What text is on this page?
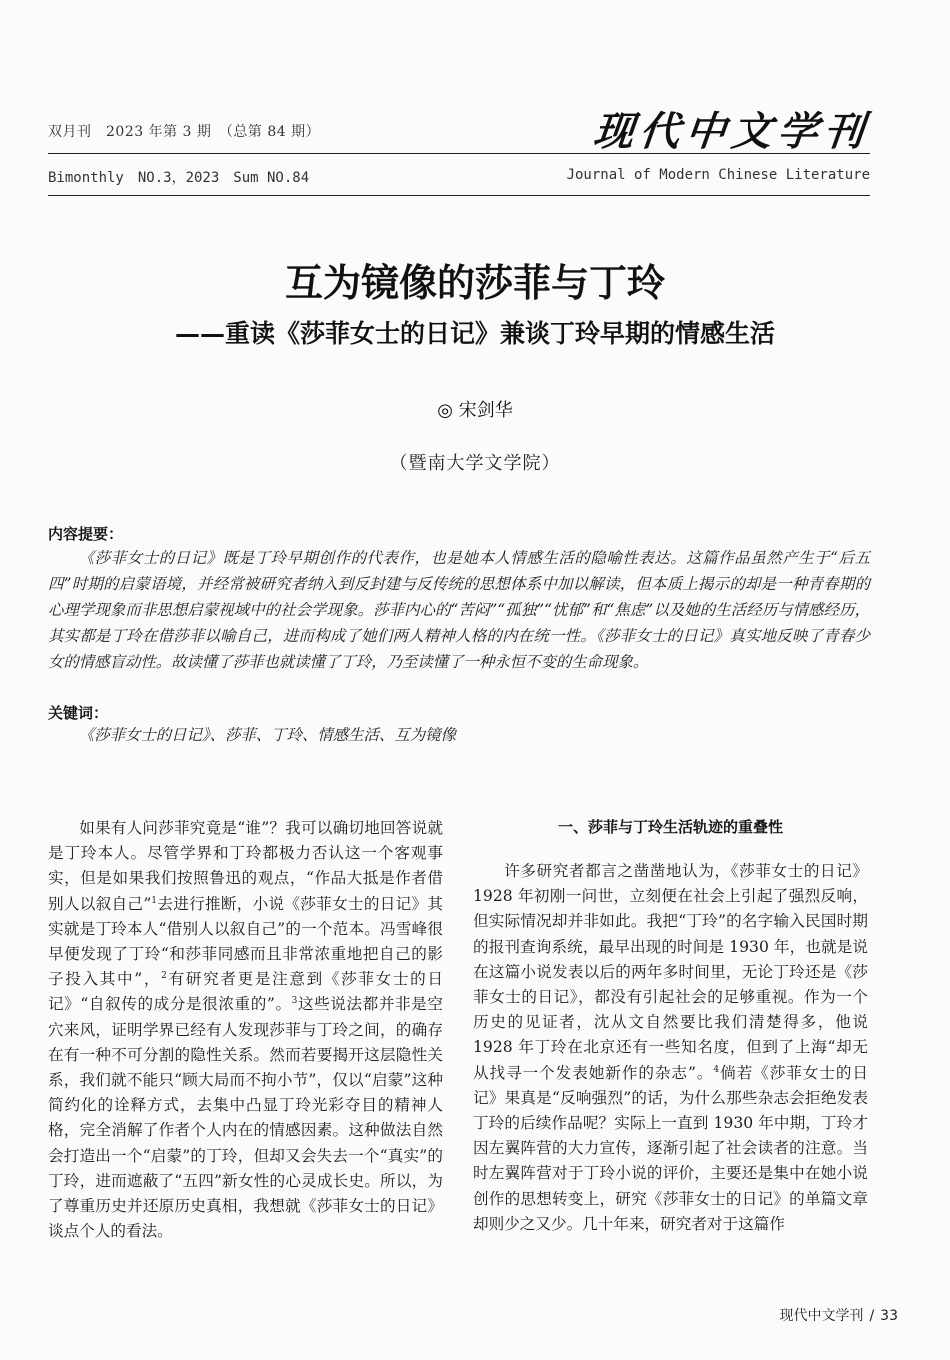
双月刊　2023 年第 3 期　（总第 84 期）	现代中文学刊
Bimonthly　NO.3，2023　Sum NO.84	Journal of Modern Chinese Literature
互为镜像的莎菲与丁玲
——重读《莎菲女士的日记》兼谈丁玲早期的情感生活
◎ 宋剑华
（暨南大学文学院）
内容提要：
《莎菲女士的日记》既是丁玲早期创作的代表作，也是她本人情感生活的隐喻性表达。这篇作品虽然产生于“后五四”时期的启蒙语境，并经常被研究者纳入到反封建与反传统的思想体系中加以解读，但本质上揭示的却是一种青春期的心理学现象而非思想启蒙视域中的社会学现象。莎菲内心的“苦闷”“孤独”“忧郁”和“焦虑”以及她的生活经历与情感经历，其实都是丁玲在借莎菲以喻自己，进而构成了她们两人精神人格的内在统一性。《莎菲女士的日记》真实地反映了青春少女的情感盲动性。故读懂了莎菲也就读懂了丁玲，乃至读懂了一种永恒不变的生命现象。
关键词：
《莎菲女士的日记》、莎菲、丁玲、情感生活、互为镜像

如果有人问莎菲究竟是“谁”？我可以确切地回答说就是丁玲本人。尽管学界和丁玲都极力否认这一个客观事实，但是如果我们按照鲁迅的观点，“作品大抵是作者借别人以叙自己”$^1$去进行推断，小说《莎菲女士的日记》其实就是丁玲本人“借别人以叙自己”的一个范本。冯雪峰很早便发现了丁玲“和莎菲同感而且非常浓重地把自己的影子投入其中”，$^2$有研究者更是注意到《莎菲女士的日记》“自叙传的成分是很浓重的”。$^3$这些说法都并非是空穴来风，证明学界已经有人发现莎菲与丁玲之间，的确存在有一种不可分割的隐性关系。然而若要揭开这层隐性关系，我们就不能只“顾大局而不拘小节”，仅以“启蒙”这种简约化的诠释方式，去集中凸显丁玲光彩夺目的精神人格，完全消解了作者个人内在的情感因素。这种做法自然会打造出一个“启蒙”的丁玲，但却又会失去一个“真实”的丁玲，进而遮蔽了“五四”新女性的心灵成长史。所以，为了尊重历史并还原历史真相，我想就《莎菲女士的日记》谈点个人的看法。

一、莎菲与丁玲生活轨迹的重叠性

许多研究者都言之凿凿地认为，《莎菲女士的日记》1928 年初刚一问世，立刻便在社会上引起了强烈反响，但实际情况却并非如此。我把“丁玲”的名字输入民国时期的报刊查询系统，最早出现的时间是 1930 年，也就是说在这篇小说发表以后的两年多时间里，无论丁玲还是《莎菲女士的日记》，都没有引起社会的足够重视。作为一个历史的见证者，沈从文自然要比我们清楚得多，他说 1928 年丁玲在北京还有一些知名度，但到了上海“却无从找寻一个发表她新作的杂志”。$^4$倘若《莎菲女士的日记》果真是“反响强烈”的话，为什么那些杂志会拒绝发表丁玲的后续作品呢？实际上一直到 1930 年中期，丁玲才因左翼阵营的大力宣传，逐渐引起了社会读者的注意。当时左翼阵营对于丁玲小说的评价，主要还是集中在她小说创作的思想转变上，研究《莎菲女士的日记》的单篇文章却则少之又少。几十年来，研究者对于这篇作

现代中文学刊 / 33
